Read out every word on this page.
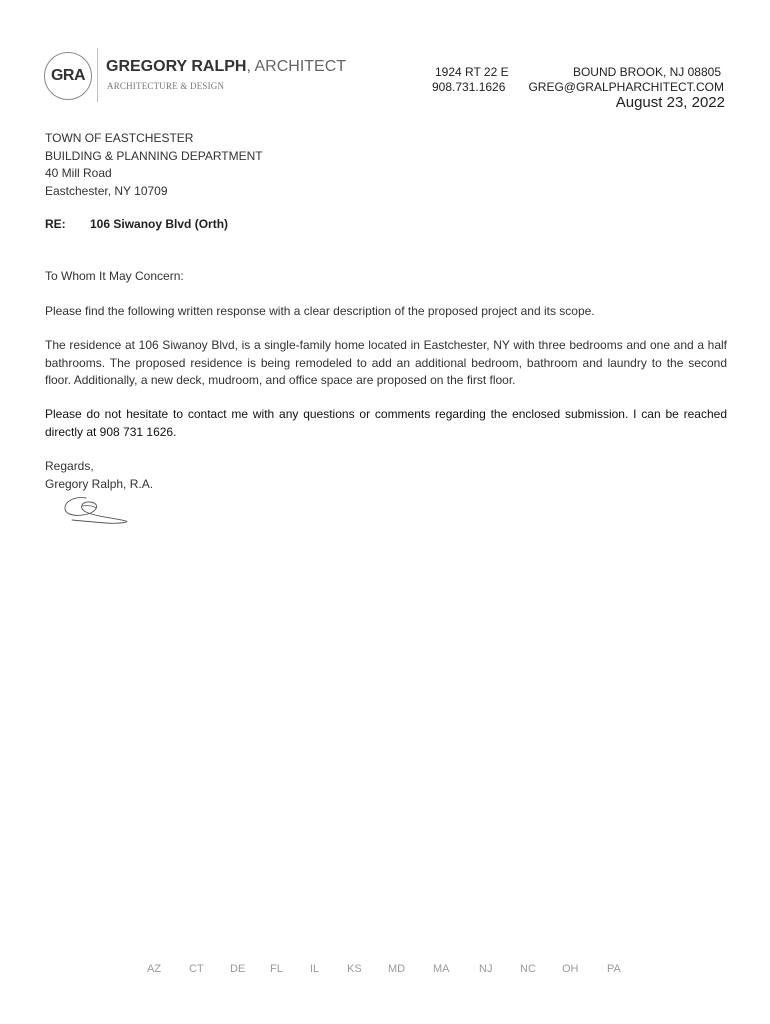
GRA
GREGORY RALPH, ARCHITECT
ARCHITECTURE & DESIGN
1924 RT 22 E
908.731.1626
BOUND BROOK, NJ 08805
GREG@GRALPHARCHITECT.COM
August 23, 2022
TOWN OF EASTCHESTER
BUILDING & PLANNING DEPARTMENT
40 Mill Road
Eastchester, NY 10709
RE: 106 Siwanoy Blvd (Orth)
To Whom It May Concern:
Please find the following written response with a clear description of the proposed project and its scope.
The residence at 106 Siwanoy Blvd, is a single-family home located in Eastchester, NY with three bedrooms and one and a half bathrooms. The proposed residence is being remodeled to add an additional bedroom, bathroom and laundry to the second floor. Additionally, a new deck, mudroom, and office space are proposed on the first floor.
Please do not hesitate to contact me with any questions or comments regarding the enclosed submission. I can be reached directly at 908 731 1626.
Regards,
Gregory Ralph, R.A.
AZ	CT DE FL IL	KS MD	MA	NJ	NC OH	PA
